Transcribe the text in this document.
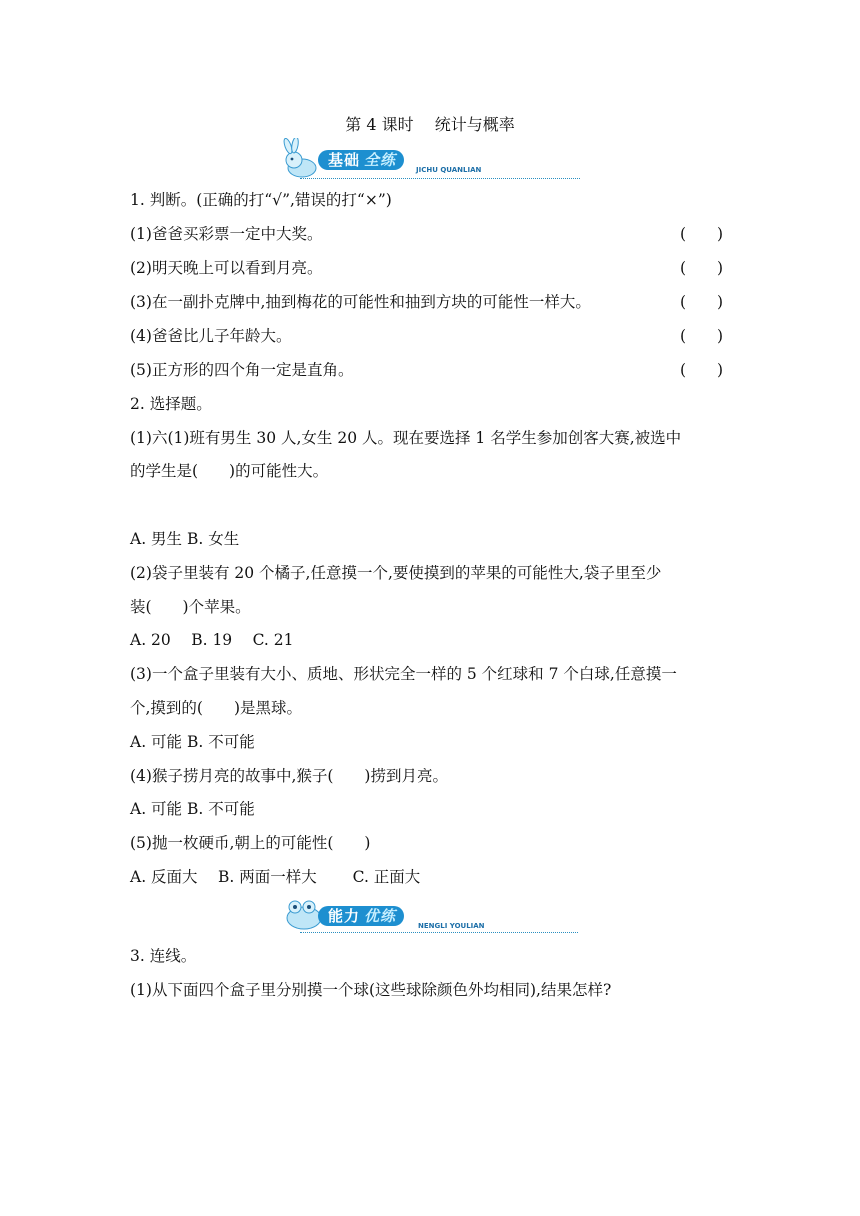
第 4 课时　 统计与概率
基础 全练
JICHU QUANLIAN
1. 判断。(正确的打“√”,错误的打“×”)
(1)爸爸买彩票一定中大奖。	(　　)
(2)明天晚上可以看到月亮。	(　　)
(3)在一副扑克牌中,抽到梅花的可能性和抽到方块的可能性一样大。	(　　)
(4)爸爸比儿子年龄大。	(　　)
(5)正方形的四个角一定是直角。	(　　)
2. 选择题。
(1)六(1)班有男生 30 人,女生 20 人。现在要选择 1 名学生参加创客大赛,被选中
的学生是(　　)的可能性大。
A. 男生 B. 女生
(2)袋子里装有 20 个橘子,任意摸一个,要使摸到的苹果的可能性大,袋子里至少
装(　　)个苹果。
A. 20　 B. 19　 C. 21
(3)一个盒子里装有大小、质地、形状完全一样的 5 个红球和 7 个白球,任意摸一
个,摸到的(　　)是黑球。
A. 可能 B. 不可能
(4)猴子捞月亮的故事中,猴子(　　)捞到月亮。
A. 可能 B. 不可能
(5)抛一枚硬币,朝上的可能性(　　)
A. 反面大　 B. 两面一样大　　 C. 正面大
能力 优练
NENGLI YOULIAN
3. 连线。
(1)从下面四个盒子里分别摸一个球(这些球除颜色外均相同),结果怎样?
